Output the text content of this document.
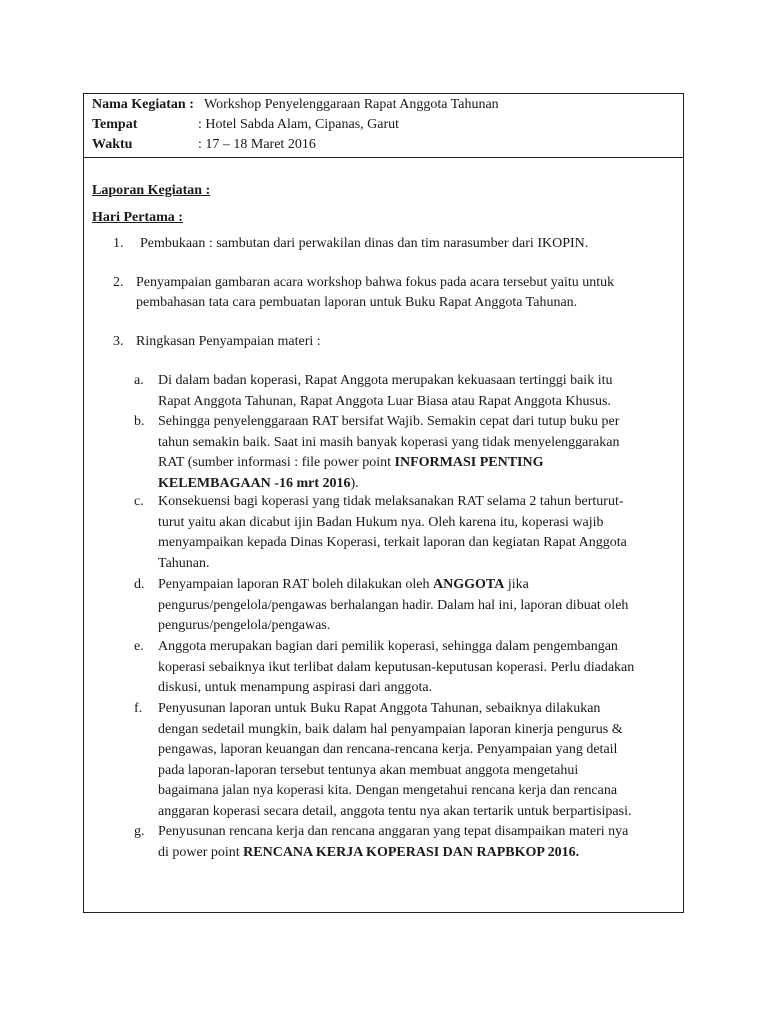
Nama Kegiatan : Workshop Penyelenggaraan Rapat Anggota Tahunan
Tempat	: Hotel Sabda Alam, Cipanas, Garut
Waktu	: 17 – 18 Maret 2016
Laporan Kegiatan :
Hari Pertama :
1. Pembukaan : sambutan dari perwakilan dinas dan tim narasumber dari IKOPIN.
2. Penyampaian gambaran acara workshop bahwa fokus pada acara tersebut yaitu untuk
pembahasan tata cara pembuatan laporan untuk Buku Rapat Anggota Tahunan.
3. Ringkasan Penyampaian materi :
a. Di dalam badan koperasi, Rapat Anggota merupakan kekuasaan tertinggi baik itu
Rapat Anggota Tahunan, Rapat Anggota Luar Biasa atau Rapat Anggota Khusus.
b. Sehingga penyelenggaraan RAT bersifat Wajib. Semakin cepat dari tutup buku per
tahun semakin baik. Saat ini masih banyak koperasi yang tidak menyelenggarakan
RAT (sumber informasi : file power point INFORMASI PENTING
KELEMBAGAAN -16 mrt 2016).
c. Konsekuensi bagi koperasi yang tidak melaksanakan RAT selama 2 tahun berturut-
turut yaitu akan dicabut ijin Badan Hukum nya. Oleh karena itu, koperasi wajib
menyampaikan kepada Dinas Koperasi, terkait laporan dan kegiatan Rapat Anggota
Tahunan.
d. Penyampaian laporan RAT boleh dilakukan oleh ANGGOTA jika
pengurus/pengelola/pengawas berhalangan hadir. Dalam hal ini, laporan dibuat oleh
pengurus/pengelola/pengawas.
e. Anggota merupakan bagian dari pemilik koperasi, sehingga dalam pengembangan
koperasi sebaiknya ikut terlibat dalam keputusan-keputusan koperasi. Perlu diadakan
diskusi, untuk menampung aspirasi dari anggota.
f. Penyusunan laporan untuk Buku Rapat Anggota Tahunan, sebaiknya dilakukan
dengan sedetail mungkin, baik dalam hal penyampaian laporan kinerja pengurus &
pengawas, laporan keuangan dan rencana-rencana kerja. Penyampaian yang detail
pada laporan-laporan tersebut tentunya akan membuat anggota mengetahui
bagaimana jalan nya koperasi kita. Dengan mengetahui rencana kerja dan rencana
anggaran koperasi secara detail, anggota tentu nya akan tertarik untuk berpartisipasi.
g. Penyusunan rencana kerja dan rencana anggaran yang tepat disampaikan materi nya
di power point RENCANA KERJA KOPERASI DAN RAPBKOP 2016.
